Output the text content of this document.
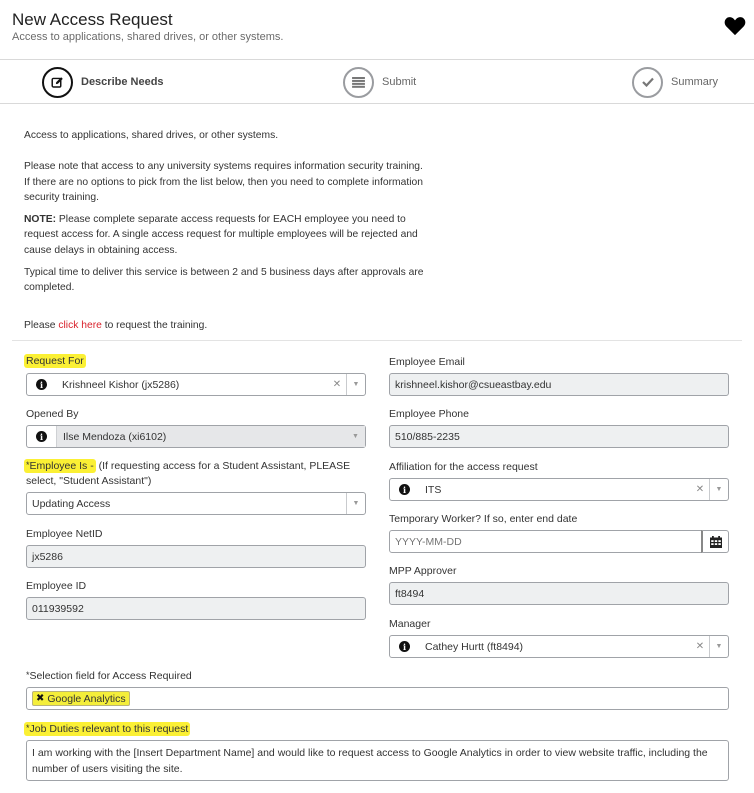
New Access Request
Access to applications, shared drives, or other systems.
Describe Needs	Submit	Summary

Access to applications, shared drives, or other systems.

Please note that access to any university systems requires information security training. If there are no options to pick from the list below, then you need to complete information security training.

NOTE: Please complete separate access requests for EACH employee you need to request access for. A single access request for multiple employees will be rejected and cause delays in obtaining access.

Typical time to deliver this service is between 2 and 5 business days after approvals are completed.

Please click here to request the training.

Request For
i	Krishneel Kishor (jx5286)	✕	▼
Opened By
i	Ilse Mendoza (xi6102)	▼
*Employee Is - (If requesting access for a Student Assistant, PLEASE
select, "Student Assistant")
Updating Access	▼
Employee NetID
jx5286
Employee ID
011939592
Employee Email
krishneel.kishor@csueastbay.edu
Employee Phone
510/885-2235
Affiliation for the access request
i	ITS	✕	▼
Temporary Worker? If so, enter end date
YYYY-MM-DD
MPP Approver
ft8494
Manager
i	Cathey Hurtt (ft8494)	✕	▼
*Selection field for Access Required
✖ Google Analytics
*Job Duties relevant to this request
I am working with the [Insert Department Name] and would like to request access to Google Analytics in order to view website traffic, including the number of users visiting the site.
